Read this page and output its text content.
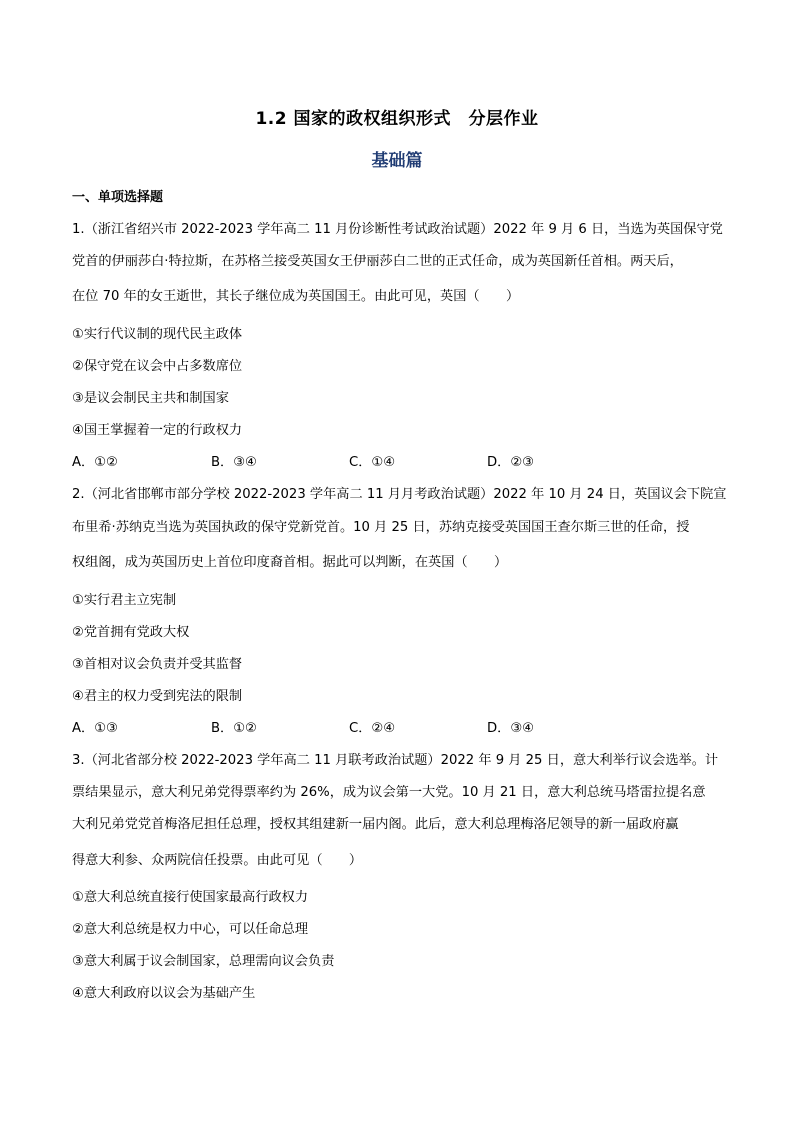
1.2 国家的政权组织形式　分层作业
基础篇
一、单项选择题
1.（浙江省绍兴市 2022-2023 学年高二 11 月份诊断性考试政治试题）2022 年 9 月 6 日，当选为英国保守党
党首的伊丽莎白·特拉斯，在苏格兰接受英国女王伊丽莎白二世的正式任命，成为英国新任首相。两天后，
在位 70 年的女王逝世，其长子继位成为英国国王。由此可见，英国（　　）
①实行代议制的现代民主政体
②保守党在议会中占多数席位
③是议会制民主共和制国家
④国王掌握着一定的行政权力
A．①②	B．③④	C．①④	D．②③
2.（河北省邯郸市部分学校 2022-2023 学年高二 11 月月考政治试题）2022 年 10 月 24 日，英国议会下院宣
布里希·苏纳克当选为英国执政的保守党新党首。10 月 25 日，苏纳克接受英国国王查尔斯三世的任命，授
权组阁，成为英国历史上首位印度裔首相。据此可以判断，在英国（　　）
①实行君主立宪制
②党首拥有党政大权
③首相对议会负责并受其监督
④君主的权力受到宪法的限制
A．①③	B．①②	C．②④	D．③④
3.（河北省部分校 2022-2023 学年高二 11 月联考政治试题）2022 年 9 月 25 日，意大利举行议会选举。计
票结果显示，意大利兄弟党得票率约为 26%，成为议会第一大党。10 月 21 日，意大利总统马塔雷拉提名意
大利兄弟党党首梅洛尼担任总理，授权其组建新一届内阁。此后，意大利总理梅洛尼领导的新一届政府赢
得意大利参、众两院信任投票。由此可见（　　）
①意大利总统直接行使国家最高行政权力
②意大利总统是权力中心，可以任命总理
③意大利属于议会制国家，总理需向议会负责
④意大利政府以议会为基础产生
